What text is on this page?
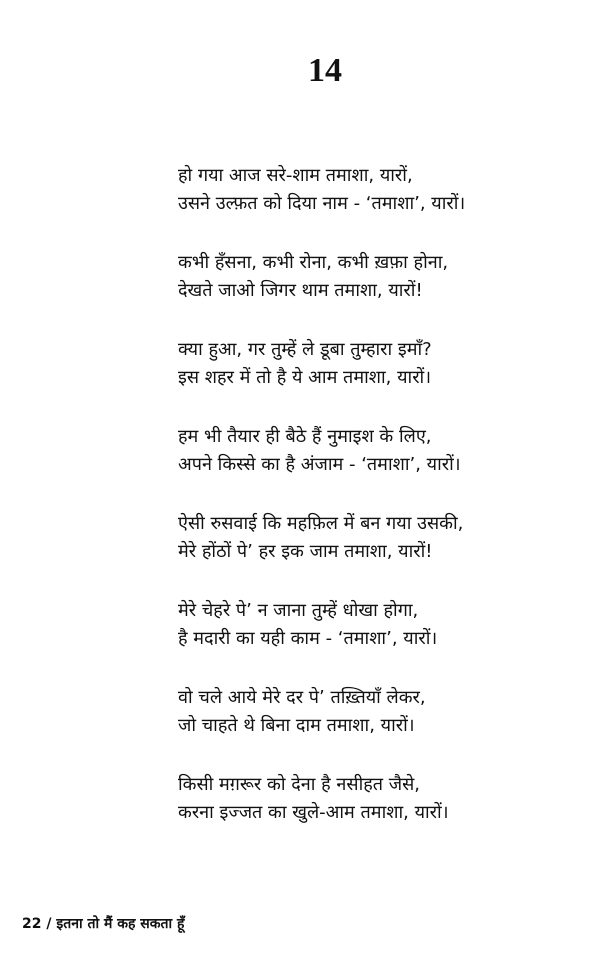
14
हो गया आज सरे-शाम तमाशा, यारों,
उसने उल्फ़त को दिया नाम - ‘तमाशा’, यारों।
कभी हँसना, कभी रोना, कभी ख़फ़ा होना,
देखते जाओ जिगर थाम तमाशा, यारों!
क्या हुआ, गर तुम्हें ले डूबा तुम्हारा इमाँ?
इस शहर में तो है ये आम तमाशा, यारों।
हम भी तैयार ही बैठे हैं नुमाइश के लिए,
अपने किस्से का है अंजाम - ‘तमाशा’, यारों।
ऐसी रुसवाई कि महफ़िल में बन गया उसकी,
मेरे होंठों पे’ हर इक जाम तमाशा, यारों!
मेरे चेहरे पे’ न जाना तुम्हें धोखा होगा,
है मदारी का यही काम - ‘तमाशा’, यारों।
वो चले आये मेरे दर पे’ तख़्तियाँ लेकर,
जो चाहते थे बिना दाम तमाशा, यारों।
किसी मग़रूर को देना है नसीहत जैसे,
करना इज्जत का खुले-आम तमाशा, यारों।
22 / इतना तो मैं कह सकता हूँ
